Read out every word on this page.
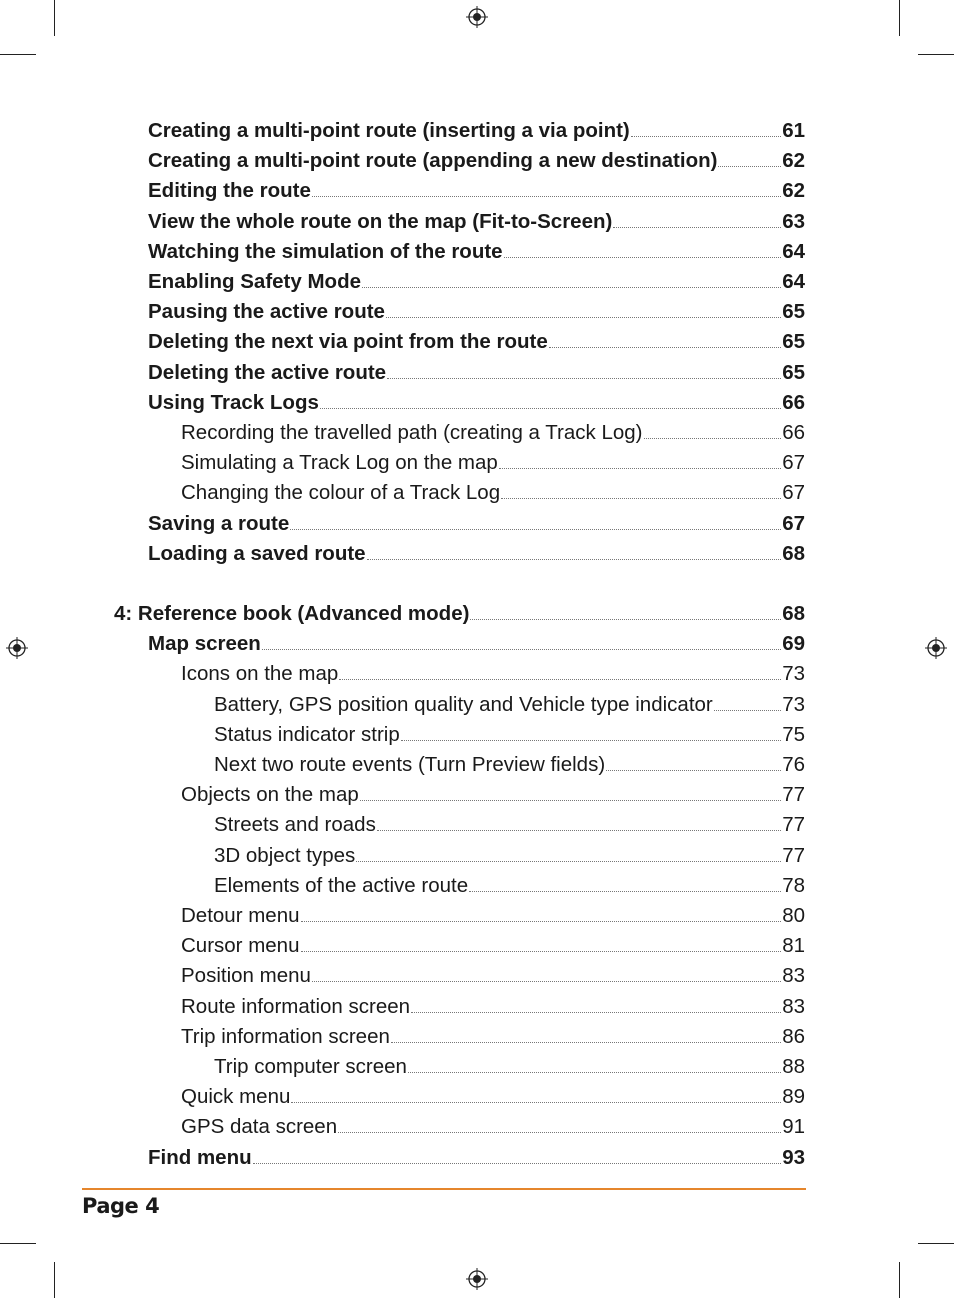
Creating a multi-point route (inserting a via point)	61
Creating a multi-point route (appending a new destination)	62
Editing the route	62
View the whole route on the map (Fit-to-Screen)	63
Watching the simulation of the route	64
Enabling Safety Mode	64
Pausing the active route	65
Deleting the next via point from the route	65
Deleting the active route	65
Using Track Logs	66
Recording the travelled path (creating a Track Log)	66
Simulating a Track Log on the map	67
Changing the colour of a Track Log	67
Saving a route	67
Loading a saved route	68
4: Reference book (Advanced mode)	68
Map screen	69
Icons on the map	73
Battery, GPS position quality and Vehicle type indicator	73
Status indicator strip	75
Next two route events (Turn Preview fields)	76
Objects on the map	77
Streets and roads	77
3D object types	77
Elements of the active route	78
Detour menu	80
Cursor menu	81
Position menu	83
Route information screen	83
Trip information screen	86
Trip computer screen	88
Quick menu	89
GPS data screen	91
Find menu	93
Page 4
